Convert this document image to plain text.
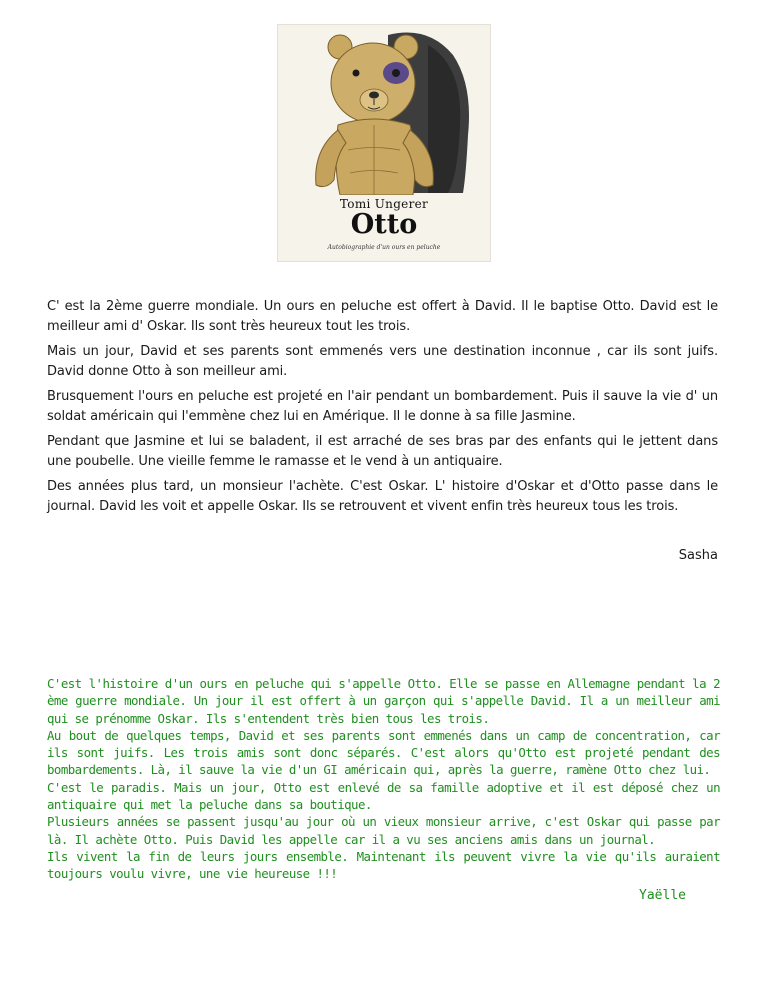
Tomi Ungerer
Otto
Autobiographie d'un ours en peluche

C' est la 2ème guerre mondiale. Un ours en peluche est offert à David. Il le baptise Otto. David est le meilleur ami d' Oskar. Ils sont très heureux tout les trois.

Mais un jour, David et ses parents sont emmenés vers une destination inconnue , car ils sont juifs. David donne Otto à son meilleur ami.

Brusquement l'ours en peluche est projeté en l'air pendant un bombardement. Puis il sauve la vie d' un soldat américain qui l'emmène chez lui en Amérique. Il le donne à sa fille Jasmine.

Pendant que Jasmine et lui se baladent, il est arraché de ses bras par des enfants qui le jettent dans une poubelle. Une vieille femme le ramasse et le vend à un antiquaire.

Des années plus tard, un monsieur l'achète. C'est Oskar. L' histoire d'Oskar et d'Otto passe dans le journal. David les voit et appelle Oskar. Ils se retrouvent et vivent enfin très heureux tous les trois.

Sasha

C'est l'histoire d'un ours en peluche qui s'appelle Otto. Elle se passe en Allemagne pendant la 2 ème guerre mondiale. Un jour il est offert à un garçon qui s'appelle David. Il a un meilleur ami qui se prénomme Oskar. Ils s'entendent très bien tous les trois.

Au bout de quelques temps, David et ses parents sont emmenés dans un camp de concentration, car ils sont juifs. Les trois amis sont donc séparés. C'est alors qu'Otto est projeté pendant des bombardements. Là, il sauve la vie d'un GI américain qui, après la guerre, ramène Otto chez lui.

C'est le paradis. Mais un jour, Otto est enlevé de sa famille adoptive et il est déposé chez un antiquaire qui met la peluche dans sa boutique.

Plusieurs années se passent jusqu'au jour où un vieux monsieur arrive, c'est Oskar qui passe par là. Il achète Otto. Puis David les appelle car il a vu ses anciens amis dans un journal.

Ils vivent la fin de leurs jours ensemble. Maintenant ils peuvent vivre la vie qu'ils auraient toujours voulu vivre, une vie heureuse !!!

Yaëlle
